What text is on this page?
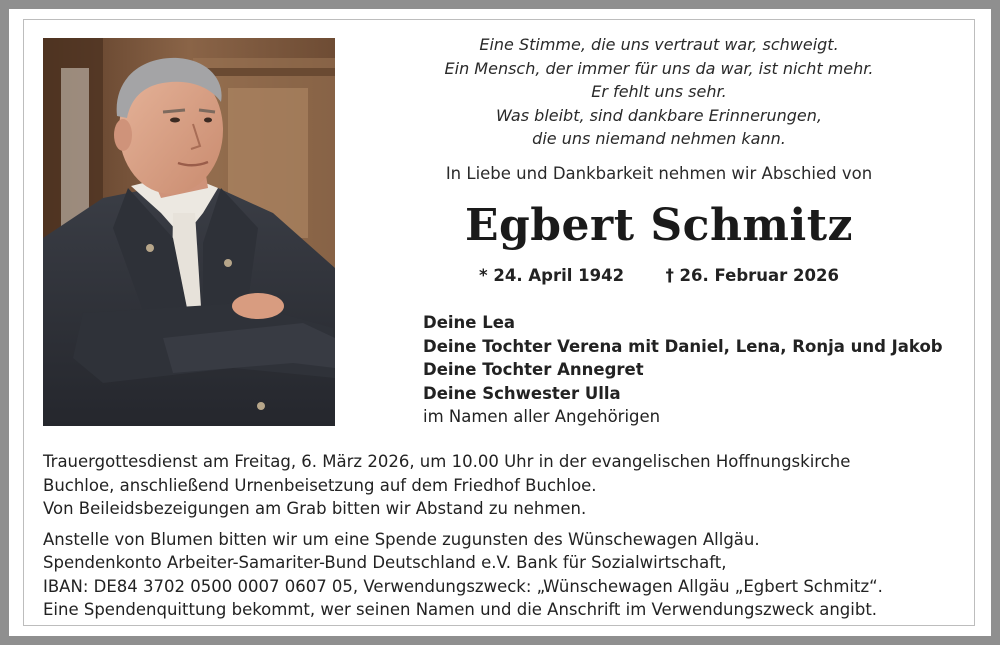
Eine Stimme, die uns vertraut war, schweigt.
Ein Mensch, der immer für uns da war, ist nicht mehr.
Er fehlt uns sehr.
Was bleibt, sind dankbare Erinnerungen,
die uns niemand nehmen kann.
In Liebe und Dankbarkeit nehmen wir Abschied von
Egbert Schmitz
* 24. April 1942	† 26. Februar 2026
Deine Lea
Deine Tochter Verena mit Daniel, Lena, Ronja und Jakob
Deine Tochter Annegret
Deine Schwester Ulla
im Namen aller Angehörigen
Trauergottesdienst am Freitag, 6. März 2026, um 10.00 Uhr in der evangelischen Hoffnungskirche
Buchloe, anschließend Urnenbeisetzung auf dem Friedhof Buchloe.
Von Beileidsbezeigungen am Grab bitten wir Abstand zu nehmen.
Anstelle von Blumen bitten wir um eine Spende zugunsten des Wünschewagen Allgäu.
Spendenkonto Arbeiter-Samariter-Bund Deutschland e.V. Bank für Sozialwirtschaft,
IBAN: DE84 3702 0500 0007 0607 05, Verwendungszweck: „Wünschewagen Allgäu „Egbert Schmitz“.
Eine Spendenquittung bekommt, wer seinen Namen und die Anschrift im Verwendungszweck angibt.
